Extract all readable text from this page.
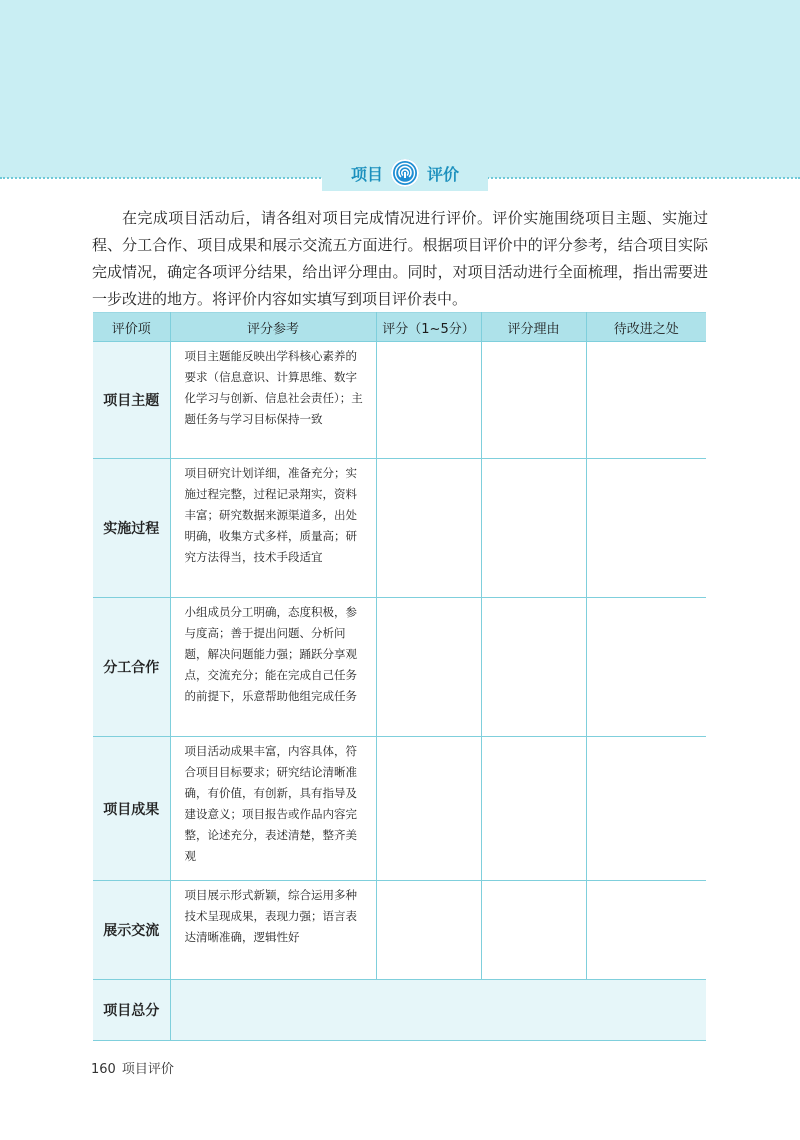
项目	评价

在完成项目活动后，请各组对项目完成情况进行评价。评价实施围绕项目主题、实施过程、分工合作、项目成果和展示交流五方面进行。根据项目评价中的评分参考，结合项目实际完成情况，确定各项评分结果，给出评分理由。同时，对项目活动进行全面梳理，指出需要进一步改进的地方。将评价内容如实填写到项目评价表中。

评价项	评分参考	评分（1~5分）	评分理由	待改进之处
项目主题	项目主题能反映出学科核心素养的要求（信息意识、计算思维、数字化学习与创新、信息社会责任）；主题任务与学习目标保持一致			
实施过程	项目研究计划详细，准备充分；实施过程完整，过程记录翔实，资料丰富；研究数据来源渠道多，出处明确，收集方式多样，质量高；研究方法得当，技术手段适宜			
分工合作	小组成员分工明确，态度积极，参与度高；善于提出问题、分析问题，解决问题能力强；踊跃分享观点，交流充分；能在完成自己任务的前提下，乐意帮助他组完成任务			
项目成果	项目活动成果丰富，内容具体，符合项目目标要求；研究结论清晰准确，有价值，有创新，具有指导及建设意义；项目报告或作品内容完整，论述充分，表述清楚，整齐美观			
展示交流	项目展示形式新颖，综合运用多种技术呈现成果，表现力强；语言表达清晰准确，逻辑性好			
项目总分				
160 项目评价
